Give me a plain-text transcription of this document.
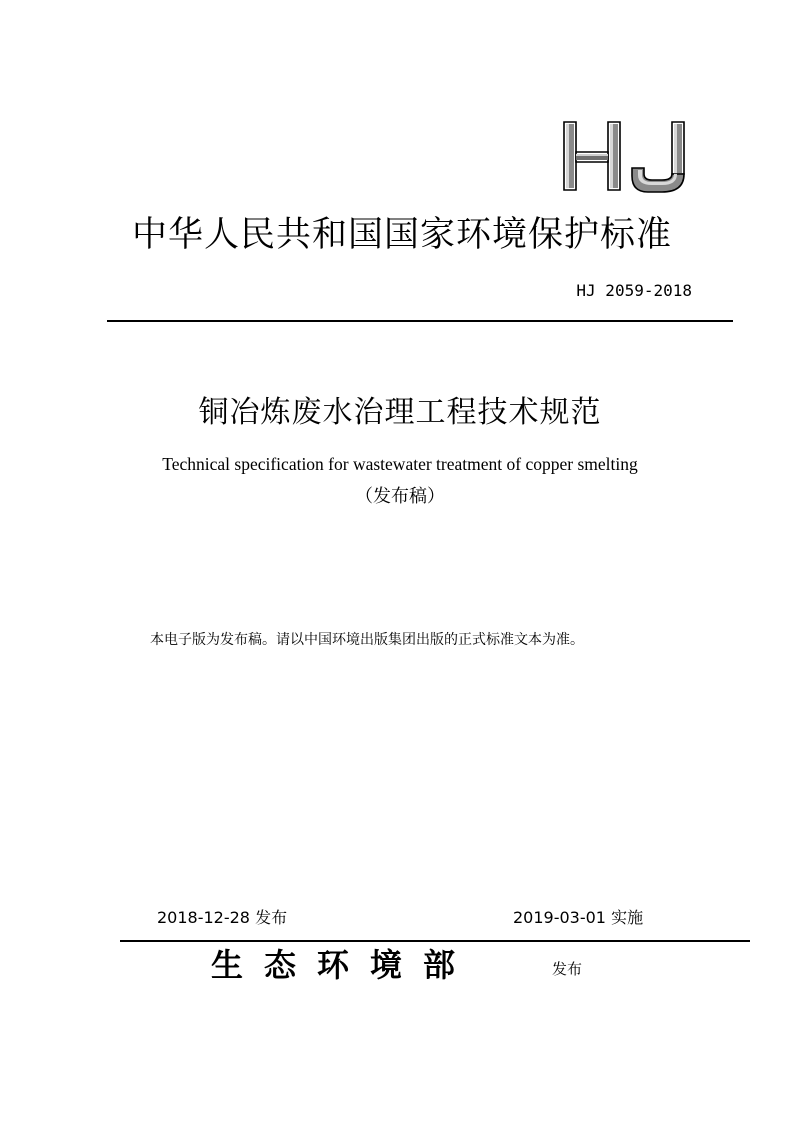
中华人民共和国国家环境保护标准
HJ 2059-2018
铜冶炼废水治理工程技术规范
Technical specification for wastewater treatment of copper smelting
（发布稿）
本电子版为发布稿。请以中国环境出版集团出版的正式标准文本为准。
2018-12-28 发布	2019-03-01 实施
生态环境部	发布
